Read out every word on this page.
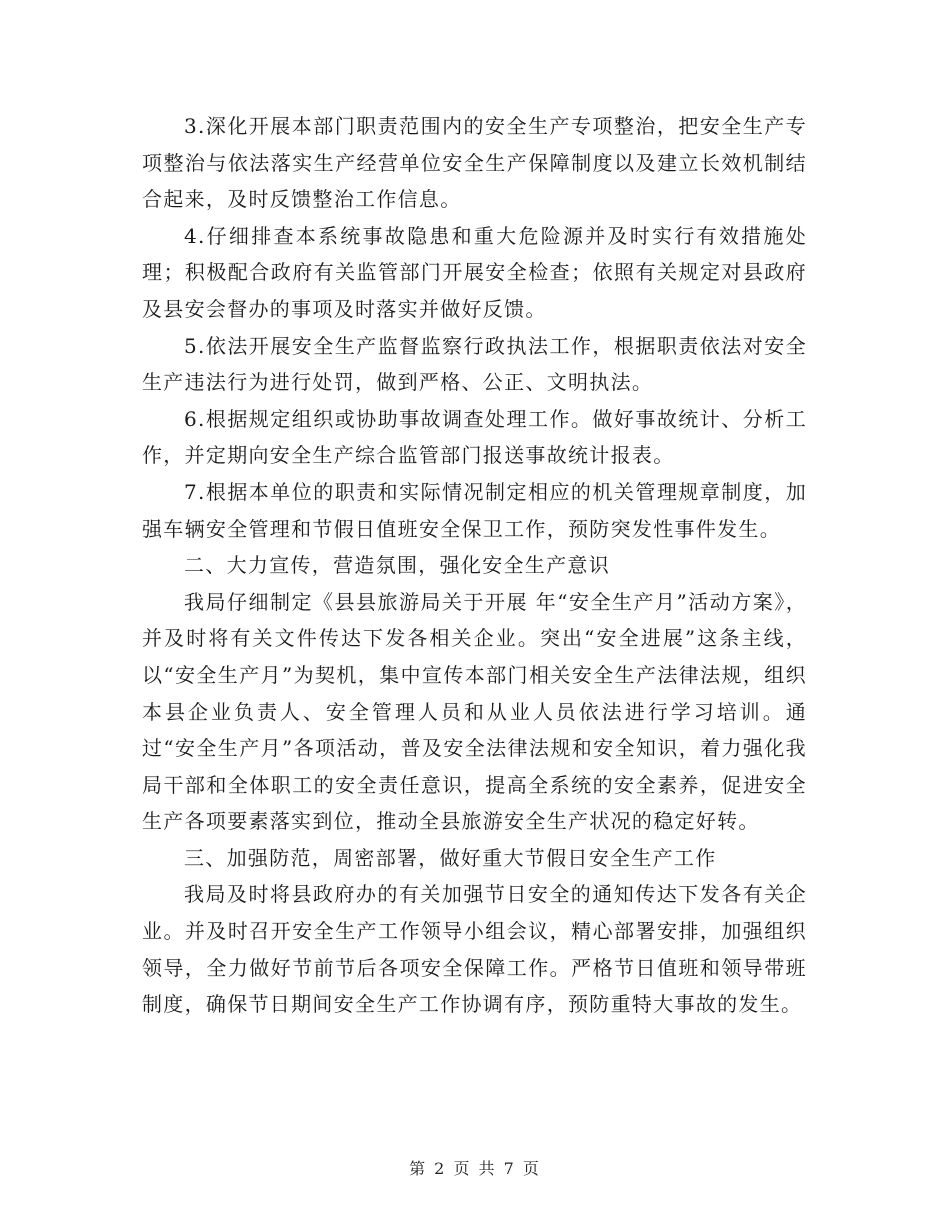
3.深化开展本部门职责范围内的安全生产专项整治，把安全生产专项整治与依法落实生产经营单位安全生产保障制度以及建立长效机制结合起来，及时反馈整治工作信息。

4.仔细排查本系统事故隐患和重大危险源并及时实行有效措施处理；积极配合政府有关监管部门开展安全检查；依照有关规定对县政府及县安会督办的事项及时落实并做好反馈。

5.依法开展安全生产监督监察行政执法工作，根据职责依法对安全生产违法行为进行处罚，做到严格、公正、文明执法。

6.根据规定组织或协助事故调查处理工作。做好事故统计、分析工作，并定期向安全生产综合监管部门报送事故统计报表。

7.根据本单位的职责和实际情况制定相应的机关管理规章制度，加强车辆安全管理和节假日值班安全保卫工作，预防突发性事件发生。

二、大力宣传，营造氛围，强化安全生产意识

我局仔细制定《县县旅游局关于开展 年“安全生产月”活动方案》，并及时将有关文件传达下发各相关企业。突出“安全进展”这条主线，以“安全生产月”为契机，集中宣传本部门相关安全生产法律法规，组织本县企业负责人、安全管理人员和从业人员依法进行学习培训。通过“安全生产月”各项活动，普及安全法律法规和安全知识，着力强化我局干部和全体职工的安全责任意识，提高全系统的安全素养，促进安全生产各项要素落实到位，推动全县旅游安全生产状况的稳定好转。

三、加强防范，周密部署，做好重大节假日安全生产工作

我局及时将县政府办的有关加强节日安全的通知传达下发各有关企业。并及时召开安全生产工作领导小组会议，精心部署安排，加强组织领导，全力做好节前节后各项安全保障工作。严格节日值班和领导带班制度，确保节日期间安全生产工作协调有序，预防重特大事故的发生。

第 2 页 共 7 页
